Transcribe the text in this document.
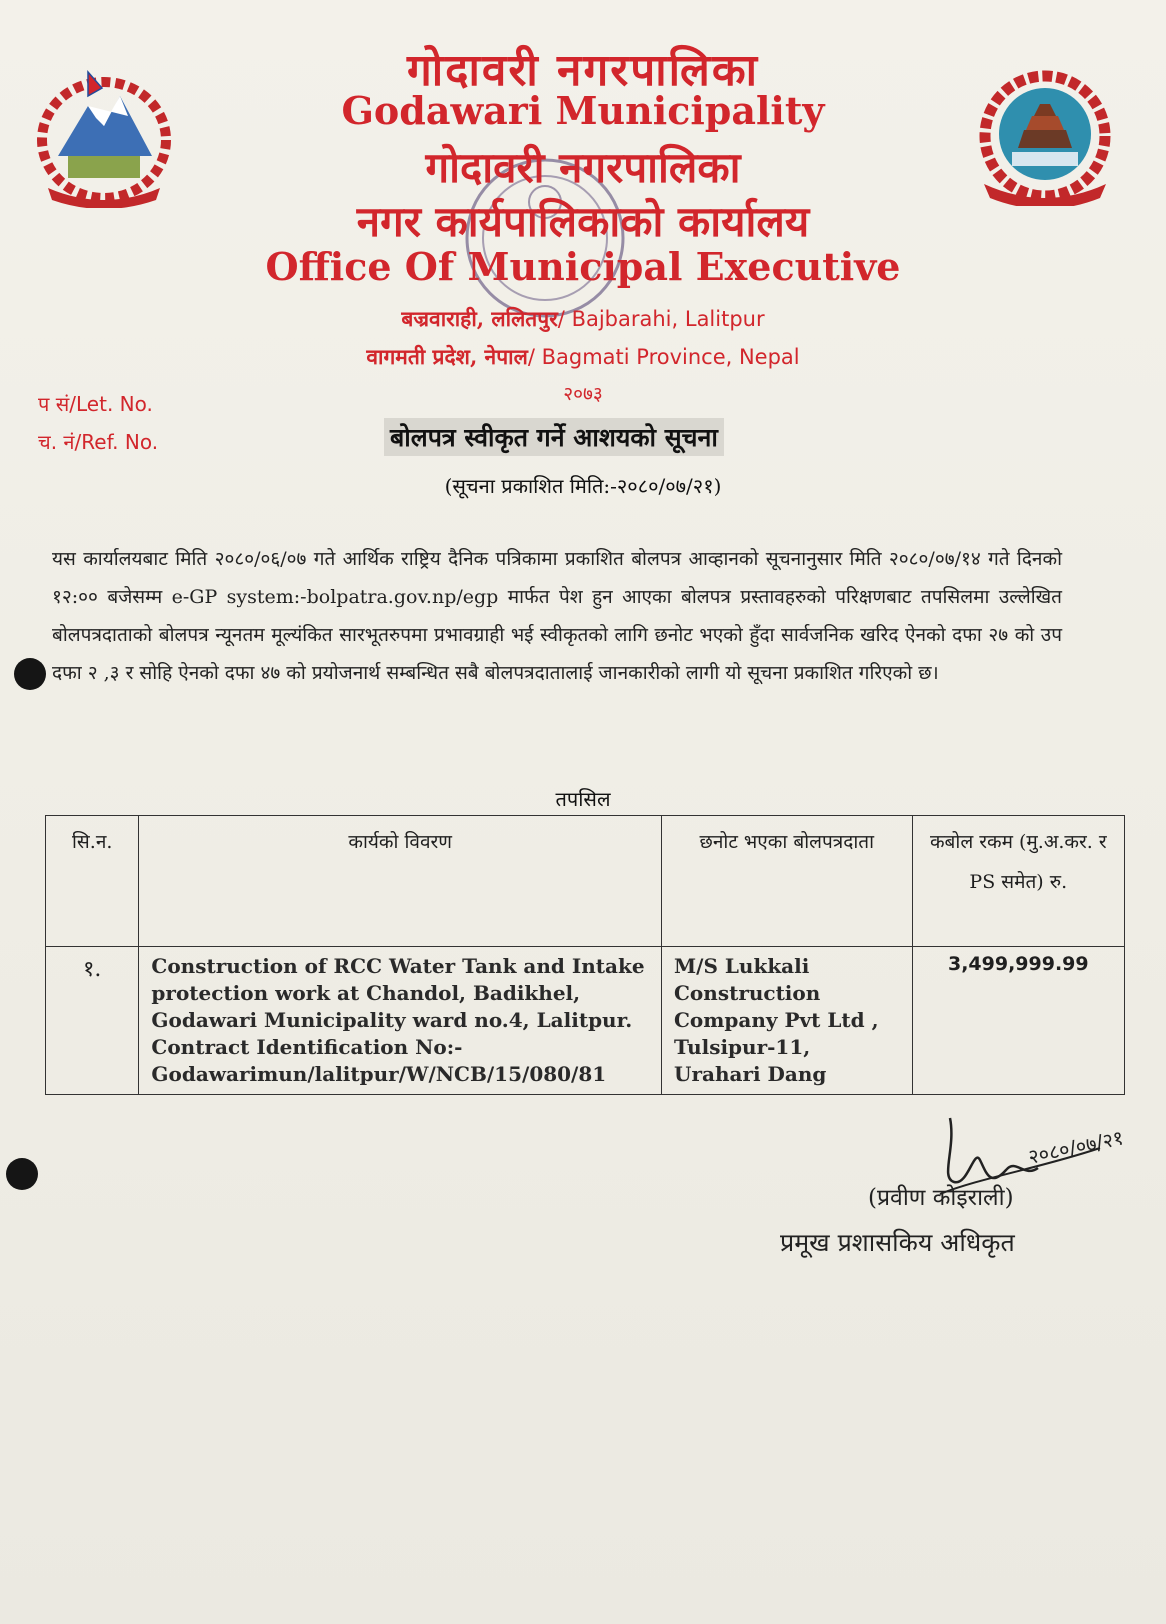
गोदावरी नगरपालिका
Godawari Municipality
गोदावरी नगरपालिका
नगर कार्यपालिकाको कार्यालय
Office Of Municipal Executive
बज्रवाराही, ललितपुर/ Bajbarahi, Lalitpur
वागमती प्रदेश, नेपाल/ Bagmati Province, Nepal
२०७३
प सं/Let. No.
च. नं/Ref. No.	बोलपत्र स्वीकृत गर्ने आशयको सूचना
(सूचना प्रकाशित मिति:-२०८०/०७/२१)
यस कार्यालयबाट मिति २०८०/०६/०७ गते आर्थिक राष्ट्रिय दैनिक पत्रिकामा प्रकाशित बोलपत्र आव्हानको सूचनानुसार मिति २०८०/०७/१४ गते दिनको १२:०० बजेसम्म e-GP system:-bolpatra.gov.np/egp मार्फत पेश हुन आएका बोलपत्र प्रस्तावहरुको परिक्षणबाट तपसिलमा उल्लेखित बोलपत्रदाताको बोलपत्र न्यूनतम मूल्यंकित सारभूतरुपमा प्रभावग्राही भई स्वीकृतको लागि छनोट भएको हुँदा सार्वजनिक खरिद ऐनको दफा २७ को उप दफा २ ,३ र सोहि ऐनको दफा ४७ को प्रयोजनार्थ सम्बन्धित सबै बोलपत्रदातालाई जानकारीको लागी यो सूचना प्रकाशित गरिएको छ।
तपसिल
सि.न.	कार्यको विवरण	छनोट भएका बोलपत्रदाता	कबोल रकम (मु.अ.कर. र PS समेत) रु.
१.	Construction of RCC Water Tank and Intake protection work at Chandol, Badikhel, Godawari Municipality ward no.4, Lalitpur. Contract Identification No:- Godawarimun/lalitpur/W/NCB/15/080/81	M/S Lukkali Construction Company Pvt Ltd , Tulsipur-11, Urahari Dang	3,499,999.99
२०८०/०७/२१
(प्रवीण कोइराली)
प्रमूख प्रशासकिय अधिकृत
